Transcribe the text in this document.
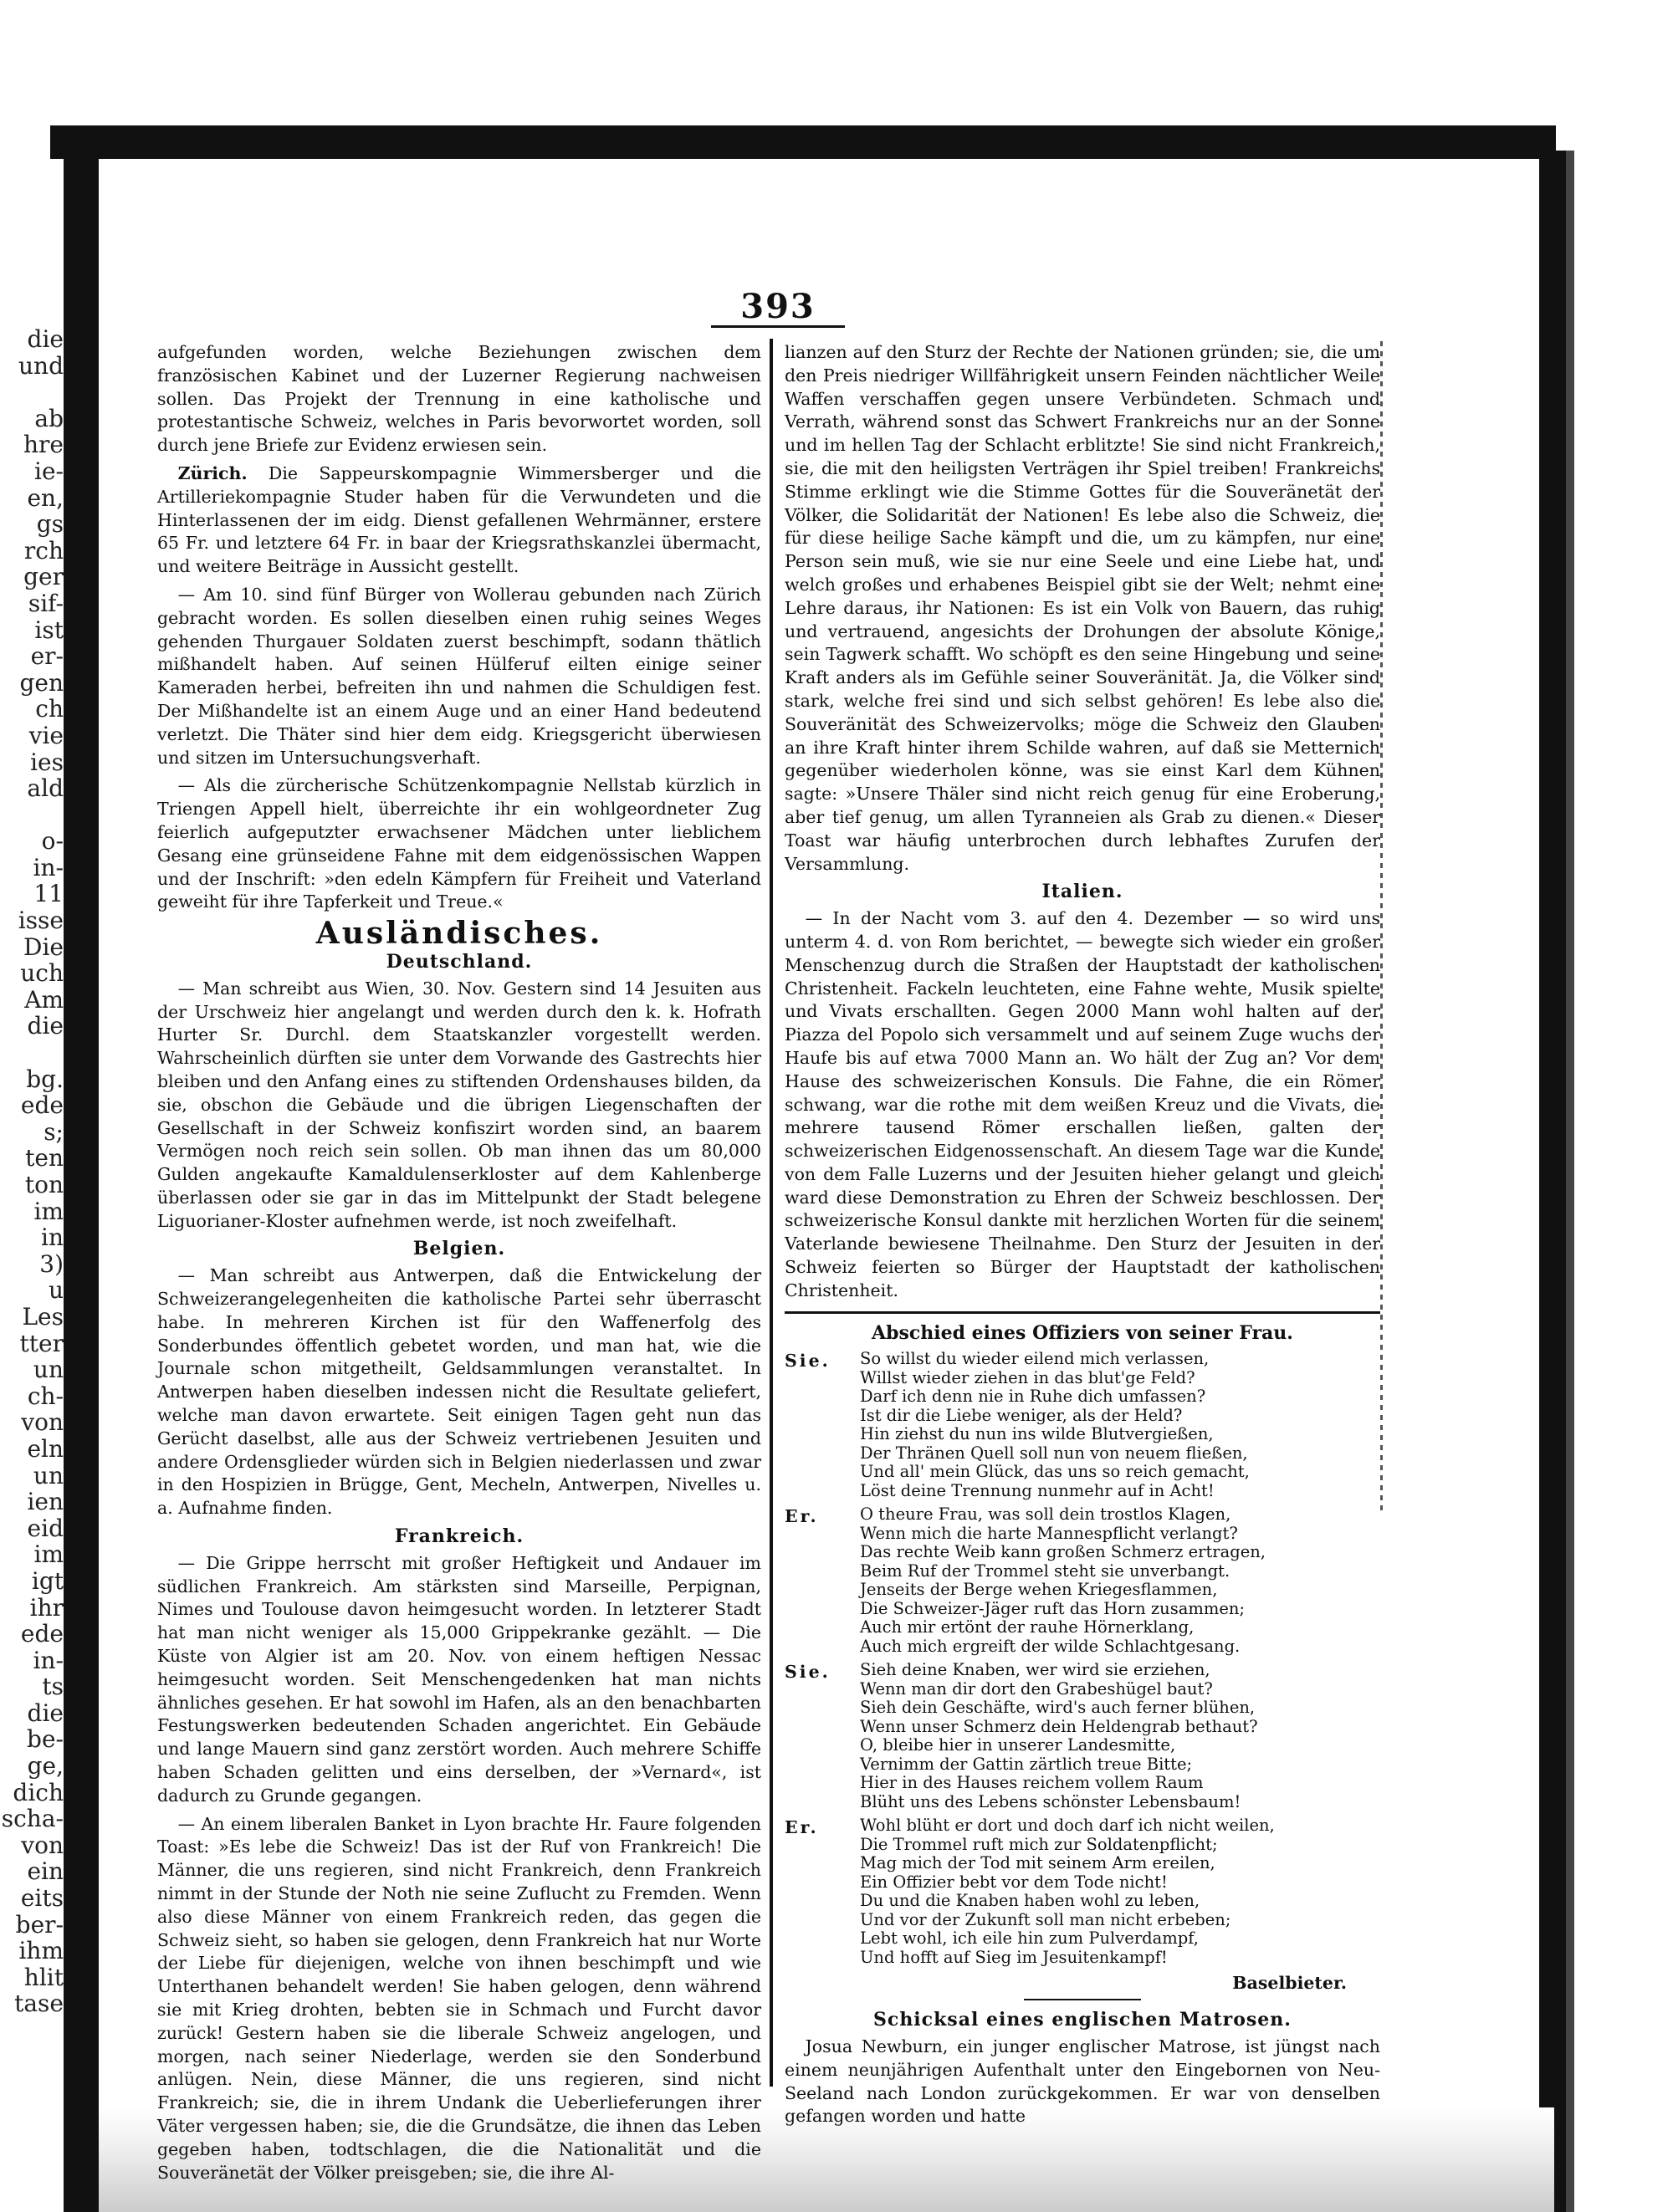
die
und
ab
hre
ie-
en,
gs
rch
ger
sif-
ist
er-
gen
ch
vie
ies
ald
o-
in-
11
isse
Die
uch
Am
die
bg.
ede
s;
ten
ton
im
in
3)
u
Les
tter
un
ch-
von
eln
un
ien
eid
im
igt
ihr
ede
in-
ts
die
be-
ge,
dich
scha-
von
ein
eits
ber-
ihm
hlit
tase
393

aufgefunden worden, welche Beziehungen zwischen dem französischen Kabinet und der Luzerner Regierung nachweisen sollen. Das Projekt der Trennung in eine katholische und protestantische Schweiz, welches in Paris bevorwortet worden, soll durch jene Briefe zur Evidenz erwiesen sein.

Zürich. Die Sappeurskompagnie Wimmersberger und die Artilleriekompagnie Studer haben für die Verwundeten und die Hinterlassenen der im eidg. Dienst gefallenen Wehrmänner, erstere 65 Fr. und letztere 64 Fr. in baar der Kriegsrathskanzlei übermacht, und weitere Beiträge in Aussicht gestellt.

— Am 10. sind fünf Bürger von Wollerau gebunden nach Zürich gebracht worden. Es sollen dieselben einen ruhig seines Weges gehenden Thurgauer Soldaten zuerst beschimpft, sodann thätlich mißhandelt haben. Auf seinen Hülferuf eilten einige seiner Kameraden herbei, befreiten ihn und nahmen die Schuldigen fest. Der Mißhandelte ist an einem Auge und an einer Hand bedeutend verletzt. Die Thäter sind hier dem eidg. Kriegsgericht überwiesen und sitzen im Untersuchungsverhaft.

— Als die zürcherische Schützenkompagnie Nellstab kürzlich in Triengen Appell hielt, überreichte ihr ein wohlgeordneter Zug feierlich aufgeputzter erwachsener Mädchen unter lieblichem Gesang eine grünseidene Fahne mit dem eidgenössischen Wappen und der Inschrift: »den edeln Kämpfern für Freiheit und Vaterland geweiht für ihre Tapferkeit und Treue.«

Ausländisches.
Deutschland.

— Man schreibt aus Wien, 30. Nov. Gestern sind 14 Jesuiten aus der Urschweiz hier angelangt und werden durch den k. k. Hofrath Hurter Sr. Durchl. dem Staatskanzler vorgestellt werden. Wahrscheinlich dürften sie unter dem Vorwande des Gastrechts hier bleiben und den Anfang eines zu stiftenden Ordenshauses bilden, da sie, obschon die Gebäude und die übrigen Liegenschaften der Gesellschaft in der Schweiz konfiszirt worden sind, an baarem Vermögen noch reich sein sollen. Ob man ihnen das um 80,000 Gulden angekaufte Kamaldulenserkloster auf dem Kahlenberge überlassen oder sie gar in das im Mittelpunkt der Stadt belegene Liguorianer-Kloster aufnehmen werde, ist noch zweifelhaft.

Belgien.

— Man schreibt aus Antwerpen, daß die Entwickelung der Schweizerangelegenheiten die katholische Partei sehr überrascht habe. In mehreren Kirchen ist für den Waffenerfolg des Sonderbundes öffentlich gebetet worden, und man hat, wie die Journale schon mitgetheilt, Geldsammlungen veranstaltet. In Antwerpen haben dieselben indessen nicht die Resultate geliefert, welche man davon erwartete. Seit einigen Tagen geht nun das Gerücht daselbst, alle aus der Schweiz vertriebenen Jesuiten und andere Ordensglieder würden sich in Belgien niederlassen und zwar in den Hospizien in Brügge, Gent, Mecheln, Antwerpen, Nivelles u. a. Aufnahme finden.

Frankreich.

— Die Grippe herrscht mit großer Heftigkeit und Andauer im südlichen Frankreich. Am stärksten sind Marseille, Perpignan, Nimes und Toulouse davon heimgesucht worden. In letzterer Stadt hat man nicht weniger als 15,000 Grippekranke gezählt. — Die Küste von Algier ist am 20. Nov. von einem heftigen Nessac heimgesucht worden. Seit Menschengedenken hat man nichts ähnliches gesehen. Er hat sowohl im Hafen, als an den benachbarten Festungswerken bedeutenden Schaden angerichtet. Ein Gebäude und lange Mauern sind ganz zerstört worden. Auch mehrere Schiffe haben Schaden gelitten und eins derselben, der »Vernard«, ist dadurch zu Grunde gegangen.

— An einem liberalen Banket in Lyon brachte Hr. Faure folgenden Toast: »Es lebe die Schweiz! Das ist der Ruf von Frankreich! Die Männer, die uns regieren, sind nicht Frankreich, denn Frankreich nimmt in der Stunde der Noth nie seine Zuflucht zu Fremden. Wenn also diese Männer von einem Frankreich reden, das gegen die Schweiz sieht, so haben sie gelogen, denn Frankreich hat nur Worte der Liebe für diejenigen, welche von ihnen beschimpft und wie Unterthanen behandelt werden! Sie haben gelogen, denn während sie mit Krieg drohten, bebten sie in Schmach und Furcht davor zurück! Gestern haben sie die liberale Schweiz angelogen, und morgen, nach seiner Niederlage, werden sie den Sonderbund anlügen. Nein, diese Männer, die uns regieren, sind nicht Frankreich; sie, die in ihrem Undank die Ueberlieferungen ihrer Väter vergessen haben; sie, die die Grundsätze, die ihnen das Leben gegeben haben, todtschlagen, die die Nationalität und die Souveränetät der Völker preisgeben; sie, die ihre Al-

lianzen auf den Sturz der Rechte der Nationen gründen; sie, die um den Preis niedriger Willfährigkeit unsern Feinden nächtlicher Weile Waffen verschaffen gegen unsere Verbündeten. Schmach und Verrath, während sonst das Schwert Frankreichs nur an der Sonne und im hellen Tag der Schlacht erblitzte! Sie sind nicht Frankreich, sie, die mit den heiligsten Verträgen ihr Spiel treiben! Frankreichs Stimme erklingt wie die Stimme Gottes für die Souveränetät der Völker, die Solidarität der Nationen! Es lebe also die Schweiz, die für diese heilige Sache kämpft und die, um zu kämpfen, nur eine Person sein muß, wie sie nur eine Seele und eine Liebe hat, und welch großes und erhabenes Beispiel gibt sie der Welt; nehmt eine Lehre daraus, ihr Nationen: Es ist ein Volk von Bauern, das ruhig und vertrauend, angesichts der Drohungen der absolute Könige, sein Tagwerk schafft. Wo schöpft es den seine Hingebung und seine Kraft anders als im Gefühle seiner Souveränität. Ja, die Völker sind stark, welche frei sind und sich selbst gehören! Es lebe also die Souveränität des Schweizervolks; möge die Schweiz den Glauben an ihre Kraft hinter ihrem Schilde wahren, auf daß sie Metternich gegenüber wiederholen könne, was sie einst Karl dem Kühnen sagte: »Unsere Thäler sind nicht reich genug für eine Eroberung, aber tief genug, um allen Tyranneien als Grab zu dienen.« Dieser Toast war häufig unterbrochen durch lebhaftes Zurufen der Versammlung.

Italien.

— In der Nacht vom 3. auf den 4. Dezember — so wird uns unterm 4. d. von Rom berichtet, — bewegte sich wieder ein großer Menschenzug durch die Straßen der Hauptstadt der katholischen Christenheit. Fackeln leuchteten, eine Fahne wehte, Musik spielte und Vivats erschallten. Gegen 2000 Mann wohl halten auf der Piazza del Popolo sich versammelt und auf seinem Zuge wuchs der Haufe bis auf etwa 7000 Mann an. Wo hält der Zug an? Vor dem Hause des schweizerischen Konsuls. Die Fahne, die ein Römer schwang, war die rothe mit dem weißen Kreuz und die Vivats, die mehrere tausend Römer erschallen ließen, galten der schweizerischen Eidgenossenschaft. An diesem Tage war die Kunde von dem Falle Luzerns und der Jesuiten hieher gelangt und gleich ward diese Demonstration zu Ehren der Schweiz beschlossen. Der schweizerische Konsul dankte mit herzlichen Worten für die seinem Vaterlande bewiesene Theilnahme. Den Sturz der Jesuiten in der Schweiz feierten so Bürger der Hauptstadt der katholischen Christenheit.

Abschied eines Offiziers von seiner Frau.
Sie.	So willst du wieder eilend mich verlassen,
Willst wieder ziehen in das blut'ge Feld?
Darf ich denn nie in Ruhe dich umfassen?
Ist dir die Liebe weniger, als der Held?
Hin ziehst du nun ins wilde Blutvergießen,
Der Thränen Quell soll nun von neuem fließen,
Und all' mein Glück, das uns so reich gemacht,
Löst deine Trennung nunmehr auf in Acht!
Er.	O theure Frau, was soll dein trostlos Klagen,
Wenn mich die harte Mannespflicht verlangt?
Das rechte Weib kann großen Schmerz ertragen,
Beim Ruf der Trommel steht sie unverbangt.
Jenseits der Berge wehen Kriegesflammen,
Die Schweizer-Jäger ruft das Horn zusammen;
Auch mir ertönt der rauhe Hörnerklang,
Auch mich ergreift der wilde Schlachtgesang.
Sie.	Sieh deine Knaben, wer wird sie erziehen,
Wenn man dir dort den Grabeshügel baut?
Sieh dein Geschäfte, wird's auch ferner blühen,
Wenn unser Schmerz dein Heldengrab bethaut?
O, bleibe hier in unserer Landesmitte,
Vernimm der Gattin zärtlich treue Bitte;
Hier in des Hauses reichem vollem Raum
Blüht uns des Lebens schönster Lebensbaum!
Er.	Wohl blüht er dort und doch darf ich nicht weilen,
Die Trommel ruft mich zur Soldatenpflicht;
Mag mich der Tod mit seinem Arm ereilen,
Ein Offizier bebt vor dem Tode nicht!
Du und die Knaben haben wohl zu leben,
Und vor der Zukunft soll man nicht erbeben;
Lebt wohl, ich eile hin zum Pulverdampf,
Und hofft auf Sieg im Jesuitenkampf!
Baselbieter.
Schicksal eines englischen Matrosen.

Josua Newburn, ein junger englischer Matrose, ist jüngst nach einem neunjährigen Aufenthalt unter den Eingebornen von Neu-Seeland nach London zurückgekommen. Er war von denselben gefangen worden und hatte
